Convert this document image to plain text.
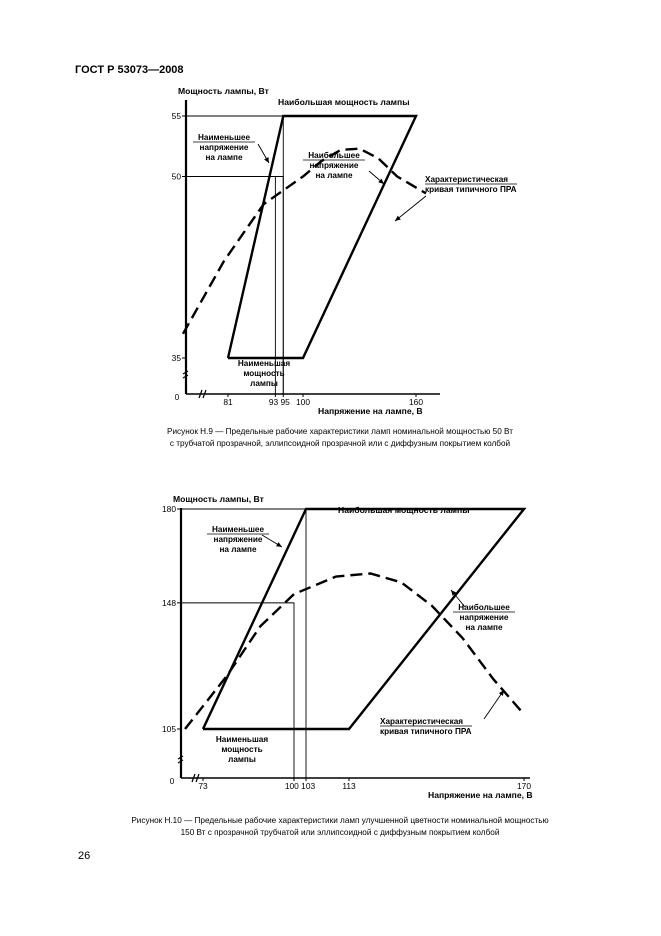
ГОСТ Р 53073—2008
Мощность лампы, Вт
Напряжение на лампе, В
0
Наибольшая мощность лампы
35
50
55
81	100	160
93 95
Наименьшее
напряжение
на лампе	Наибольшее
напряжение
на лампе
Наименьшая
мощность
лампы
Характеристическая
кривая типичного ПРА
Рисунок Н.9 — Предельные рабочие характеристики ламп номинальной мощностью 50 Вт
с трубчатой прозрачной, эллипсоидной прозрачной или с диффузным покрытием колбой
Мощность лампы, Вт
Напряжение на лампе, В
0
Наибольшая мощность лампы
105
148
180
73	113	170
100 103
Наименьшее
напряжение
на лампе
Наибольшее
напряжение
на лампе
Наименьшая
мощность
лампы
Характеристическая
кривая типичного ПРА
Рисунок Н.10 — Предельные рабочие характеристики ламп улучшенной цветности номинальной мощностью
150 Вт с прозрачной трубчатой или эллипсоидной с диффузным покрытием колбой
26
